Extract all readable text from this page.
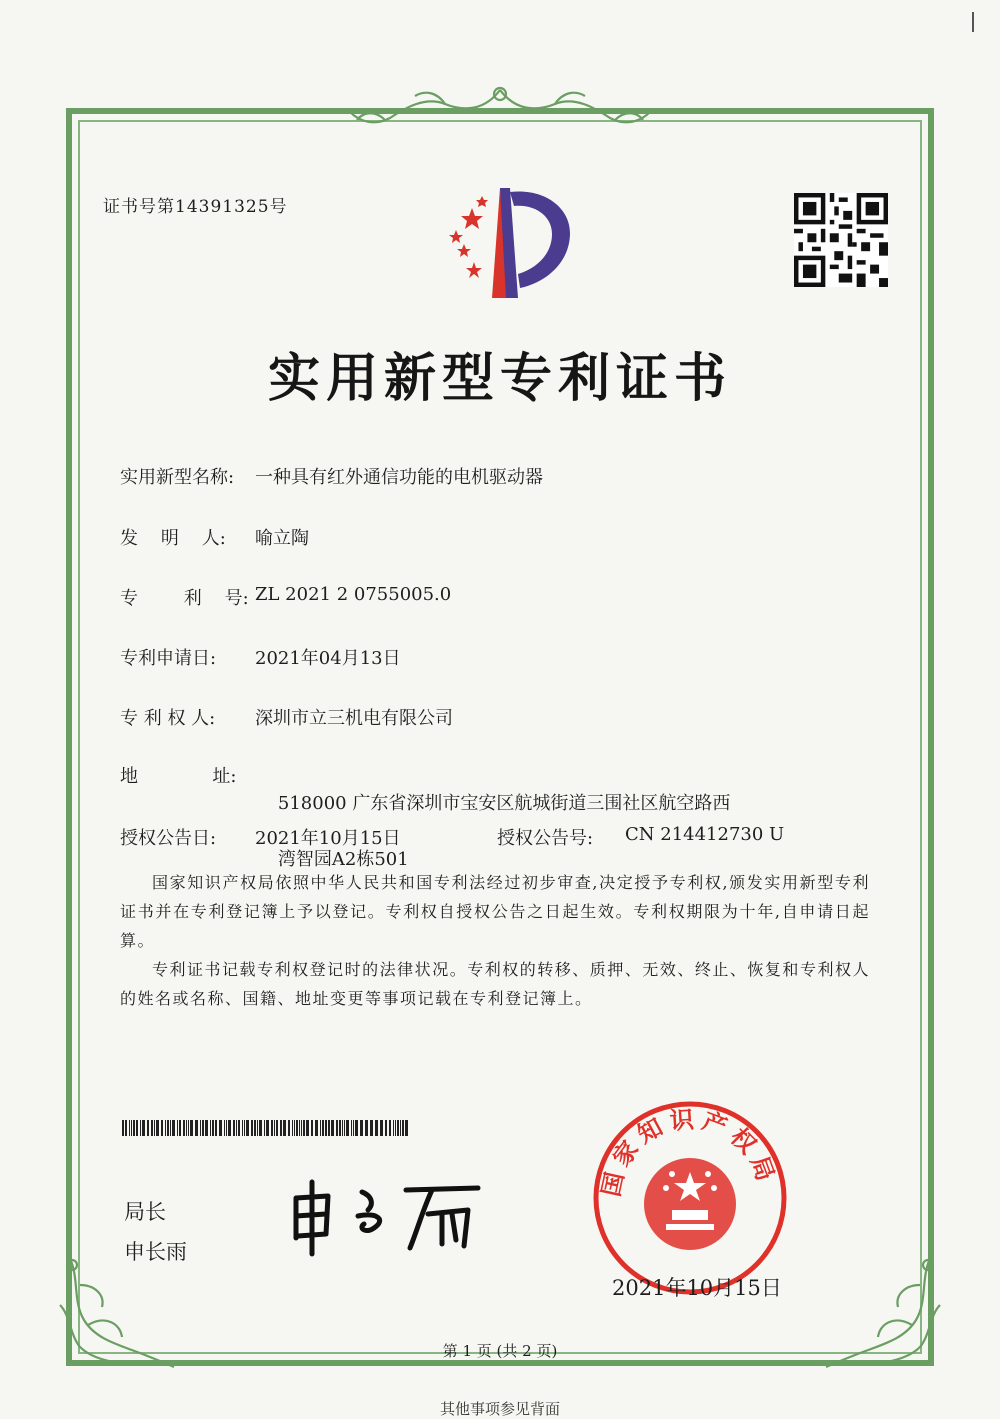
证书号第14391325号
实用新型专利证书
实用新型名称:	一种具有红外通信功能的电机驱动器
发    明    人:	喻立陶
专        利    号: ZL 2021 2 0755005.0
专利申请日:	2021年04月13日
专 利 权 人:	深圳市立三机电有限公司
地             址:

518000 广东省深圳市宝安区航城街道三围社区航空路西

湾智园A2栋501

授权公告日:	2021年10月15日	授权公告号:	CN 214412730 U
国家知识产权局依照中华人民共和国专利法经过初步审查,决定授予专利权,颁发实用新型专利证书并在专利登记簿上予以登记。专利权自授权公告之日起生效。专利权期限为十年,自申请日起算。
专利证书记载专利权登记时的法律状况。专利权的转移、质押、无效、终止、恢复和专利权人的姓名或名称、国籍、地址变更等事项记载在专利登记簿上。
局长
申长雨
国家知识产权局
2021年10月15日
第 1 页 (共 2 页)
其他事项参见背面
